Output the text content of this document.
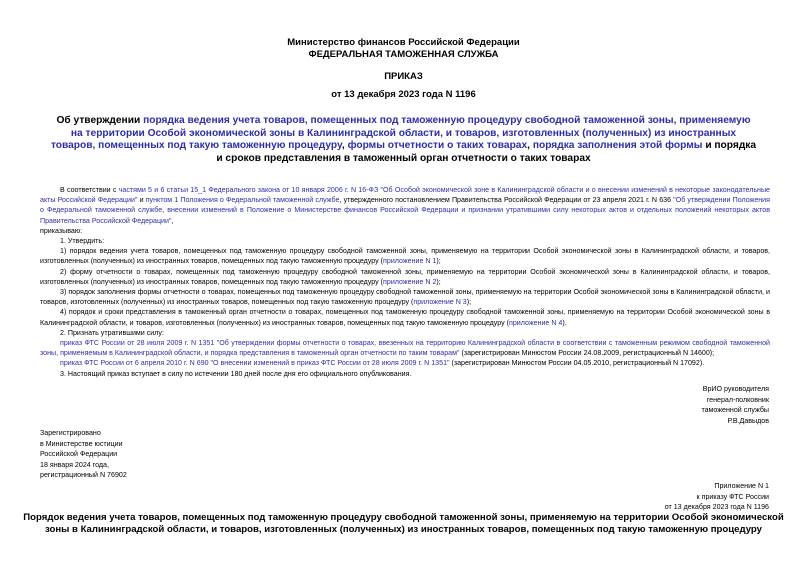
Министерство финансов Российской Федерации
ФЕДЕРАЛЬНАЯ ТАМОЖЕННАЯ СЛУЖБА
ПРИКАЗ
от 13 декабря 2023 года N 1196
Об утверждении порядка ведения учета товаров, помещенных под таможенную процедуру свободной таможенной зоны, применяемую на территории Особой экономической зоны в Калининградской области, и товаров, изготовленных (полученных) из иностранных товаров, помещенных под такую таможенную процедуру, формы отчетности о таких товарах, порядка заполнения этой формы и порядка и сроков представления в таможенный орган отчетности о таких товарах

В соответствии с частями 5 и 6 статьи 15_1 Федерального закона от 10 января 2006 г. N 16-ФЗ "Об Особой экономической зоне в Калининградской области и о внесении изменений в некоторые законодательные акты Российской Федерации" и пунктом 1 Положения о Федеральной таможенной службе, утвержденного постановлением Правительства Российской Федерации от 23 апреля 2021 г. N 636 "Об утверждении Положения о Федеральной таможенной службе, внесении изменений в Положение о Министерстве финансов Российской Федерации и признании утратившими силу некоторых актов и отдельных положений некоторых актов Правительства Российской Федерации",

приказываю:

1. Утвердить:

1) порядок ведения учета товаров, помещенных под таможенную процедуру свободной таможенной зоны, применяемую на территории Особой экономической зоны в Калининградской области, и товаров, изготовленных (полученных) из иностранных товаров, помещенных под такую таможенную процедуру (приложение N 1);

2) форму отчетности о товарах, помещенных под таможенную процедуру свободной таможенной зоны, применяемую на территории Особой экономической зоны в Калининградской области, и товаров, изготовленных (полученных) из иностранных товаров, помещенных под такую таможенную процедуру (приложение N 2);

3) порядок заполнения формы отчетности о товарах, помещенных под таможенную процедуру свободной таможенной зоны, применяемую на территории Особой экономической зоны в Калининградской области, и товаров, изготовленных (полученных) из иностранных товаров, помещенных под такую таможенную процедуру (приложение N 3);

4) порядок и сроки представления в таможенный орган отчетности о товарах, помещенных под таможенную процедуру свободной таможенной зоны, применяемую на территории Особой экономической зоны в Калининградской области, и товаров, изготовленных (полученных) из иностранных товаров, помещенных под такую таможенную процедуру (приложение N 4).

2. Признать утратившими силу:

приказ ФТС России от 28 июля 2009 г. N 1351 "Об утверждении формы отчетности о товарах, ввезенных на территорию Калининградской области в соответствии с таможенным режимом свободной таможенной зоны, применяемым в Калининградской области, и порядка представления в таможенный орган отчетности по таким товарам" (зарегистрирован Минюстом России 24.08.2009, регистрационный N 14600);

приказ ФТС России от 6 апреля 2010 г. N 690 "О внесении изменений в приказ ФТС России от 28 июля 2009 г. N 1351" (зарегистрирован Минюстом России 04.05.2010, регистрационный N 17092).

3. Настоящий приказ вступает в силу по истечении 180 дней после дня его официального опубликования.

ВрИО руководителя
генерал-полковник
таможенной службы
Р.В.Давыдов
Зарегистрировано
в Министерстве юстиции
Российской Федерации
18 января 2024 года,
регистрационный N 76902
Приложение N 1
к приказу ФТС России
от 13 декабря 2023 года N 1196
Порядок ведения учета товаров, помещенных под таможенную процедуру свободной таможенной зоны, применяемую на территории Особой экономической зоны в Калининградской области, и товаров, изготовленных (полученных) из иностранных товаров, помещенных под такую таможенную процедуру
